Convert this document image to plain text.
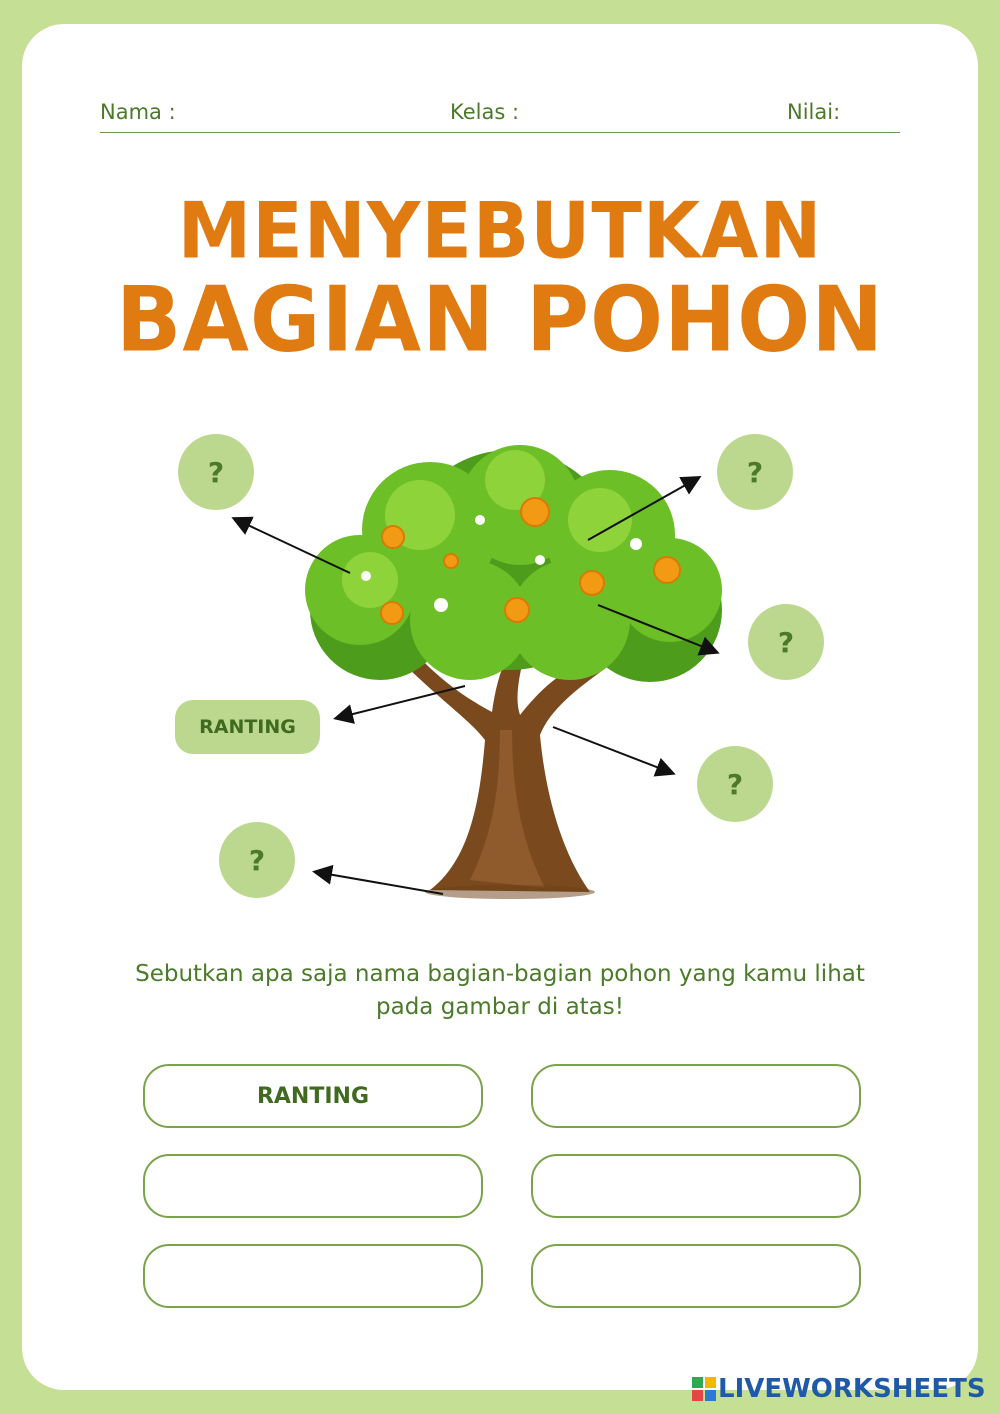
Nama :	Kelas :	Nilai:
MENYEBUTKAN
BAGIAN POHON
?	?
?
?
?
RANTING
Sebutkan apa saja nama bagian-bagian pohon yang kamu lihat
pada gambar di atas!
RANTING
LIVEWORKSHEETS
